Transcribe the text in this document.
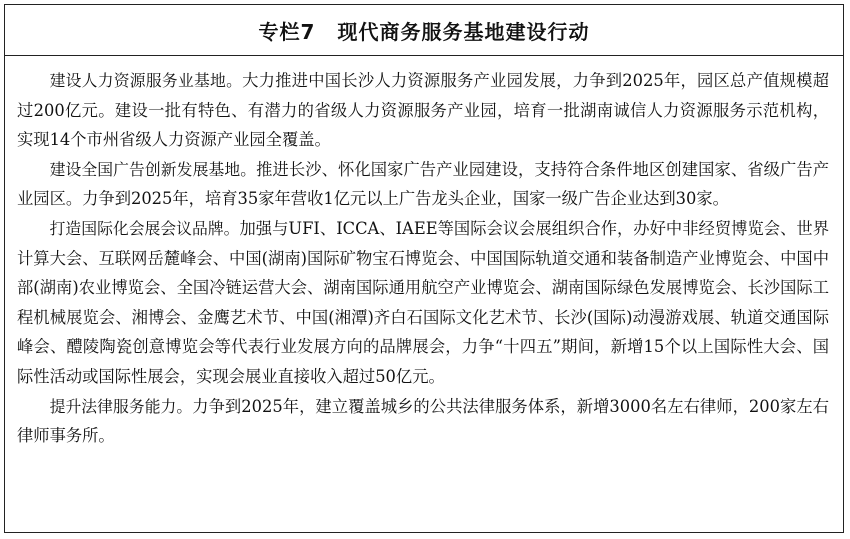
专栏7 现代商务服务基地建设行动

建设人力资源服务业基地。大力推进中国长沙人力资源服务产业园发展，力争到2025年，园区总产值规模超过200亿元。建设一批有特色、有潜力的省级人力资源服务产业园，培育一批湖南诚信人力资源服务示范机构，实现14个市州省级人力资源产业园全覆盖。

建设全国广告创新发展基地。推进长沙、怀化国家广告产业园建设，支持符合条件地区创建国家、省级广告产业园区。力争到2025年，培育35家年营收1亿元以上广告龙头企业，国家一级广告企业达到30家。

打造国际化会展会议品牌。加强与UFI、ICCA、IAEE等国际会议会展组织合作，办好中非经贸博览会、世界计算大会、互联网岳麓峰会、中国(湖南)国际矿物宝石博览会、中国国际轨道交通和装备制造产业博览会、中国中部(湖南)农业博览会、全国冷链运营大会、湖南国际通用航空产业博览会、湖南国际绿色发展博览会、长沙国际工程机械展览会、湘博会、金鹰艺术节、中国(湘潭)齐白石国际文化艺术节、长沙(国际)动漫游戏展、轨道交通国际峰会、醴陵陶瓷创意博览会等代表行业发展方向的品牌展会，力争“十四五”期间，新增15个以上国际性大会、国际性活动或国际性展会，实现会展业直接收入超过50亿元。

提升法律服务能力。力争到2025年，建立覆盖城乡的公共法律服务体系，新增3000名左右律师，200家左右律师事务所。
